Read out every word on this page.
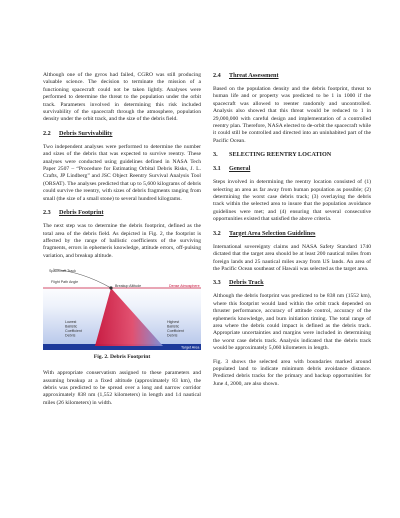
Although one of the gyros had failed, CGRO was still producing valuable science. The decision to terminate the mission of a functioning spacecraft could not be taken lightly. Analyses were performed to determine the threat to the population under the orbit track. Parameters involved in determining this risk included survivability of the spacecraft through the atmosphere, population density under the orbit track, and the size of the debris field.

2.2 Debris Survivability

Two independent analyses were performed to determine the number and sizes of the debris that was expected to survive reentry. These analyses were conducted using guidelines defined in NASA Tech Paper 2507 – “Procedure for Estimating Orbital Debris Risks, J. L. Crafts, JP Lindberg” and JSC Object Reentry Survival Analysis Tool (ORSAT). The analyses predicted that up to 5,600 kilograms of debris could survive the reentry, with sizes of debris fragments ranging from small (the size of a small stone) to several hundred kilograms.

2.3 Debris Footprint

The next step was to determine the debris footprint, defined as the total area of the debris field. As depicted in Fig. 2, the footprint is affected by the range of ballistic coefficients of the surviving fragments, errors in ephemeris knowledge, attitude errors, off-pulsing variation, and breakup altitude.

Spacecraft Track
Flight Path Angle
Breakup Altitude	Dense Atmosphere
Lowest
Ballistic
Coefficient
Debris
Highest
Ballistic
Coefficient
Debris
Target Area
Fig. 2. Debris Footprint

With appropriate conservatism assigned to these parameters and assuming breakup at a fixed altitude (approximately 83 km), the debris was predicted to be spread over a long and narrow corridor approximately 838 nm (1,552 kilometers) in length and 14 nautical miles (26 kilometers) in width.

2.4 Threat Assessment

Based on the population density and the debris footprint, threat to human life and or property was predicted to be 1 in 1000 if the spacecraft was allowed to reenter randomly and uncontrolled. Analysis also showed that this threat would be reduced to 1 in 29,000,000 with careful design and implementation of a controlled reentry plan. Therefore, NASA elected to de-orbit the spacecraft while it could still be controlled and directed into an uninhabited part of the Pacific Ocean.

3. SELECTING REENTRY LOCATION
3.1 General

Steps involved in determining the reentry location consisted of (1) selecting an area as far away from human population as possible; (2) determining the worst case debris track; (3) overlaying the debris track within the selected area to insure that the population avoidance guidelines were met; and (4) ensuring that several consecutive opportunities existed that satisfied the above criteria.

3.2 Target Area Selection Guidelines

International sovereignty claims and NASA Safety Standard 1740 dictated that the target area should be at least 200 nautical miles from foreign lands and 25 nautical miles away from US lands. An area of the Pacific Ocean southeast of Hawaii was selected as the target area.

3.3 Debris Track

Although the debris footprint was predicted to be 838 nm (1552 km), where this footprint would land within the orbit track depended on thruster performance, accuracy of attitude control, accuracy of the ephemeris knowledge, and burn initiation timing. The total range of area where the debris could impact is defined as the debris track. Appropriate uncertainties and margins were included in determining the worst case debris track. Analysis indicated that the debris track would be approximately 5,060 kilometers in length.

Fig. 3 shows the selected area with boundaries marked around populated land to indicate minimum debris avoidance distance. Predicted debris tracks for the primary and backup opportunities for June 4, 2000, are also shown.
